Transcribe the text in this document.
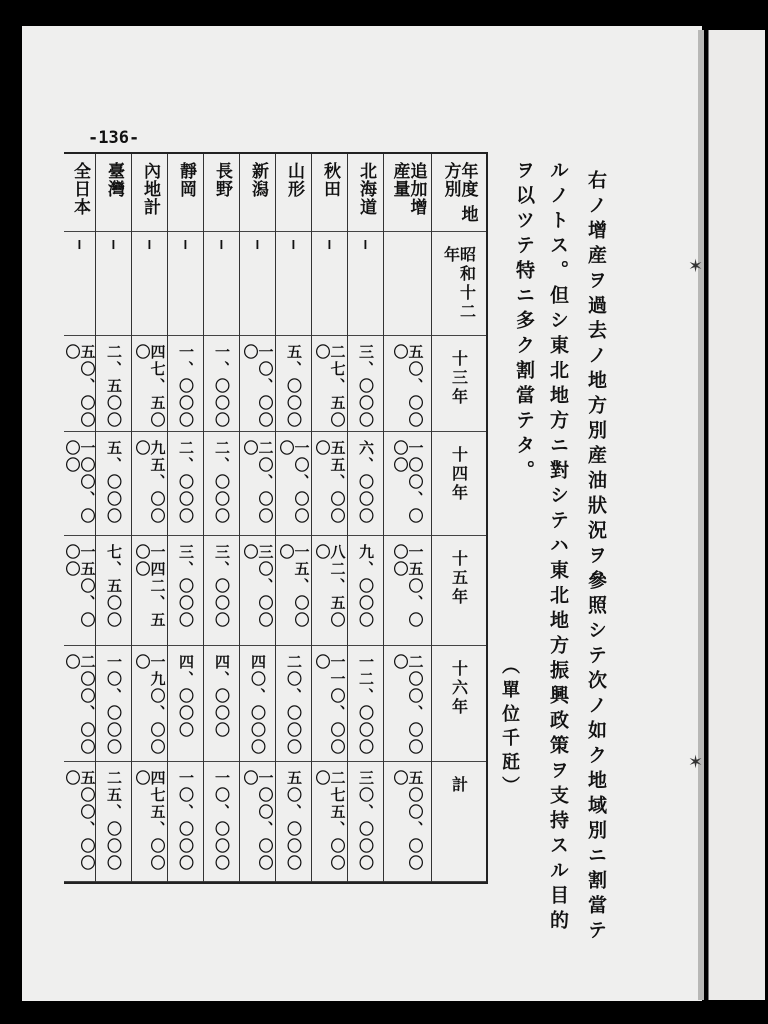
✶
✶
-136-
右ノ增産ヲ過去ノ地方別産油狀況ヲ參照シテ次ノ如ク地域別ニ割當テ
ルノトス。但シ東北地方ニ對シテハ東北地方振興政策ヲ支持スル目的
ヲ以ツテ特ニ多ク割當テタ。
（單位千瓩）
年度 地方別
昭和十二年
十三年
十四年
十五年
十六年
計
追加增産量
五〇、〇〇〇
一〇〇、〇〇〇
一五〇、〇〇〇
二〇〇、〇〇〇
五〇〇、〇〇〇
北海道
—
三、〇〇〇
六、〇〇〇
九、〇〇〇
一二、〇〇〇
三〇、〇〇〇
秋田
—
二七、五〇〇
五五、〇〇〇
八二、五〇〇
一一〇、〇〇〇
二七五、〇〇〇
山形
—
五、〇〇〇
一〇、〇〇〇
一五、〇〇〇
二〇、〇〇〇
五〇、〇〇〇
新潟
—
一〇、〇〇〇
二〇、〇〇〇
三〇、〇〇〇
四〇、〇〇〇
一〇〇、〇〇〇
長野
—
一、〇〇〇
二、〇〇〇
三、〇〇〇
四、〇〇〇
一〇、〇〇〇
靜岡
—
一、〇〇〇
二、〇〇〇
三、〇〇〇
四、〇〇〇
一〇、〇〇〇
內地計
—
四七、五〇〇
九五、〇〇〇
一四二、五〇〇
一九〇、〇〇〇
四七五、〇〇〇
臺灣
—
二、五〇〇
五、〇〇〇
七、五〇〇
一〇、〇〇〇
二五、〇〇〇
全日本
—
五〇、〇〇〇
一〇〇、〇〇〇
一五〇、〇〇〇
二〇〇、〇〇〇
五〇〇、〇〇〇
